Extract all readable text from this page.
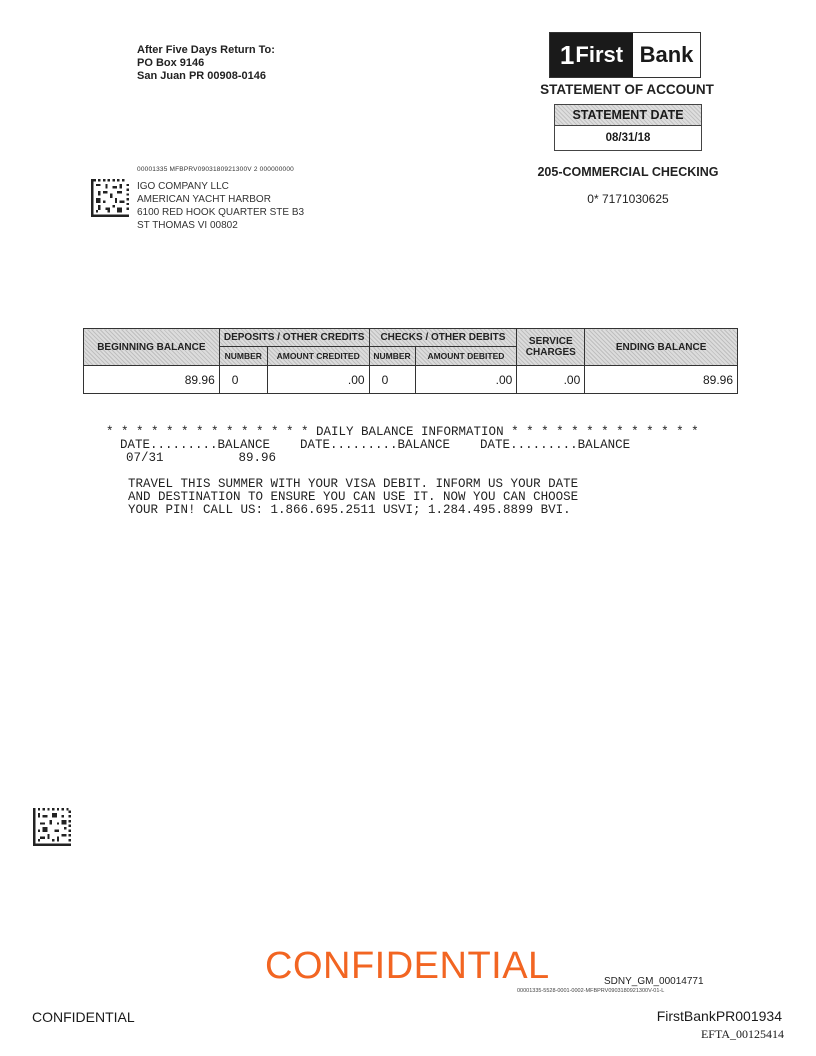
After Five Days Return To:
PO Box 9146
San Juan PR 00908-0146
1 First Bank
STATEMENT OF ACCOUNT
STATEMENT DATE
08/31/18
205-COMMERCIAL CHECKING
0* 7171030625
00001335 MFBPRV0903180921300V 2 000000000
IGO COMPANY LLC
AMERICAN YACHT HARBOR
6100 RED HOOK QUARTER STE B3
ST THOMAS VI 00802
BEGINNING BALANCE	DEPOSITS / OTHER CREDITS		CHECKS / OTHER DEBITS		SERVICE CHARGES	ENDING BALANCE
	NUMBER	AMOUNT CREDITED	NUMBER	AMOUNT DEBITED		
89.96	0	.00	0	.00	.00	89.96
* * * * * * * * * * * * * * DAILY BALANCE INFORMATION * * * * * * * * * * * * *
DATE.........BALANCE    DATE.........BALANCE    DATE.........BALANCE
07/31          89.96
TRAVEL THIS SUMMER WITH YOUR VISA DEBIT. INFORM US YOUR DATE
AND DESTINATION TO ENSURE YOU CAN USE IT. NOW YOU CAN CHOOSE
YOUR PIN! CALL US: 1.866.695.2511 USVI; 1.284.495.8899 BVI.
CONFIDENTIAL	SDNY_GM_00014771
00001335-5528-0001-0002-MFBPRV0903180921300V-01-L
CONFIDENTIAL	FirstBankPR001934
EFTA_00125414
